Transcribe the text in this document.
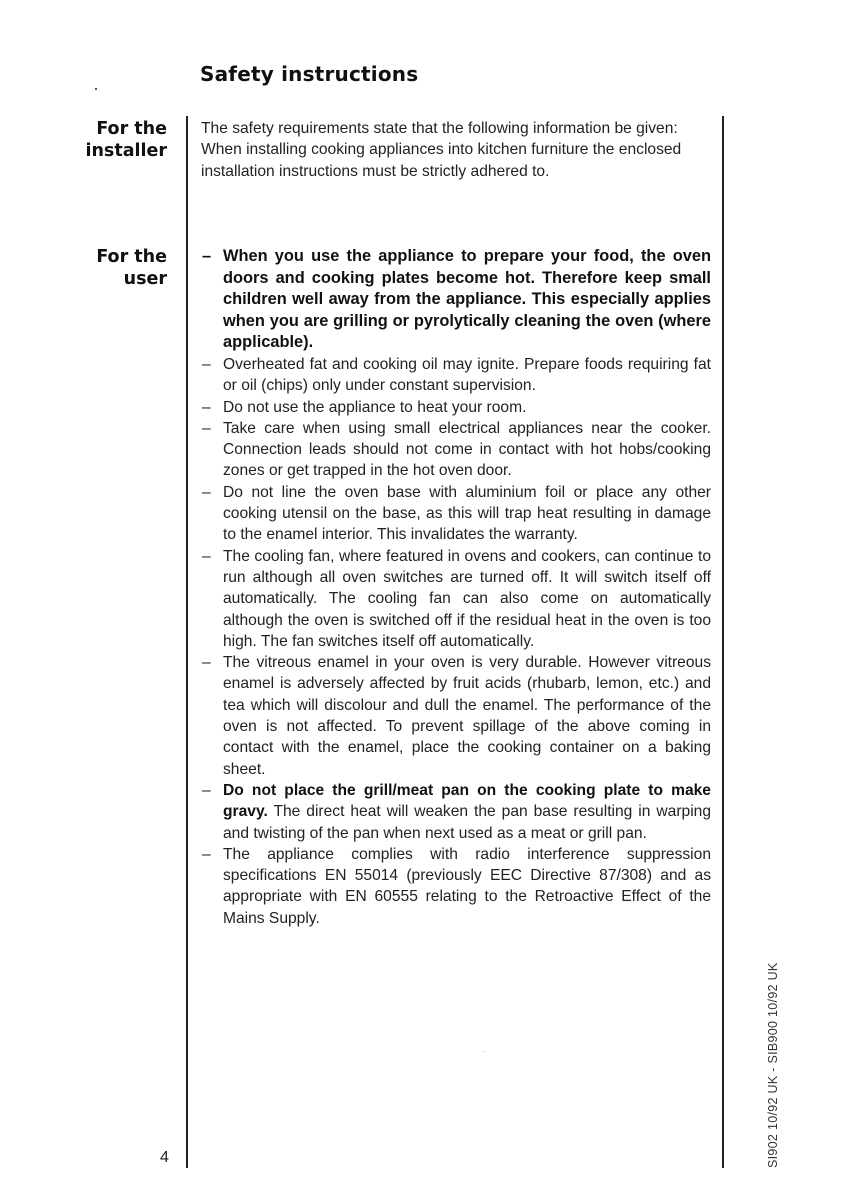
Safety instructions
For the
installer
For the
user

The safety requirements state that the following information be given:

When installing cooking appliances into kitchen furniture the enclosed installation instructions must be strictly adhered to.

– When you use the appliance to prepare your food, the oven doors and cooking plates become hot. Therefore keep small children well away from the appliance. This especially applies when you are grilling or pyrolytically cleaning the oven (where applicable).
– Overheated fat and cooking oil may ignite. Prepare foods requiring fat or oil (chips) only under constant supervision.
– Do not use the appliance to heat your room.
– Take care when using small electrical appliances near the cooker. Connection leads should not come in contact with hot hobs/cooking zones or get trapped in the hot oven door.
– Do not line the oven base with aluminium foil or place any other cooking utensil on the base, as this will trap heat resulting in damage to the enamel interior. This invalidates the warranty.
– The cooling fan, where featured in ovens and cookers, can continue to run although all oven switches are turned off. It will switch itself off automatically. The cooling fan can also come on automatically although the oven is switched off if the residual heat in the oven is too high. The fan switches itself off automatically.
– The vitreous enamel in your oven is very durable. However vitreous enamel is adversely affected by fruit acids (rhubarb, lemon, etc.) and tea which will discolour and dull the enamel. The performance of the oven is not affected. To prevent spillage of the above coming in contact with the enamel, place the cooking container on a baking sheet.
– Do not place the grill/meat pan on the cooking plate to make gravy. The direct heat will weaken the pan base resulting in warping and twisting of the pan when next used as a meat or grill pan.
– The appliance complies with radio interference suppression specifications EN 55014 (previously EEC Directive 87/308) and as appropriate with EN 60555 relating to the Retroactive Effect of the Mains Supply.
4	SI902 10/92 UK - SIB900 10/92 UK
